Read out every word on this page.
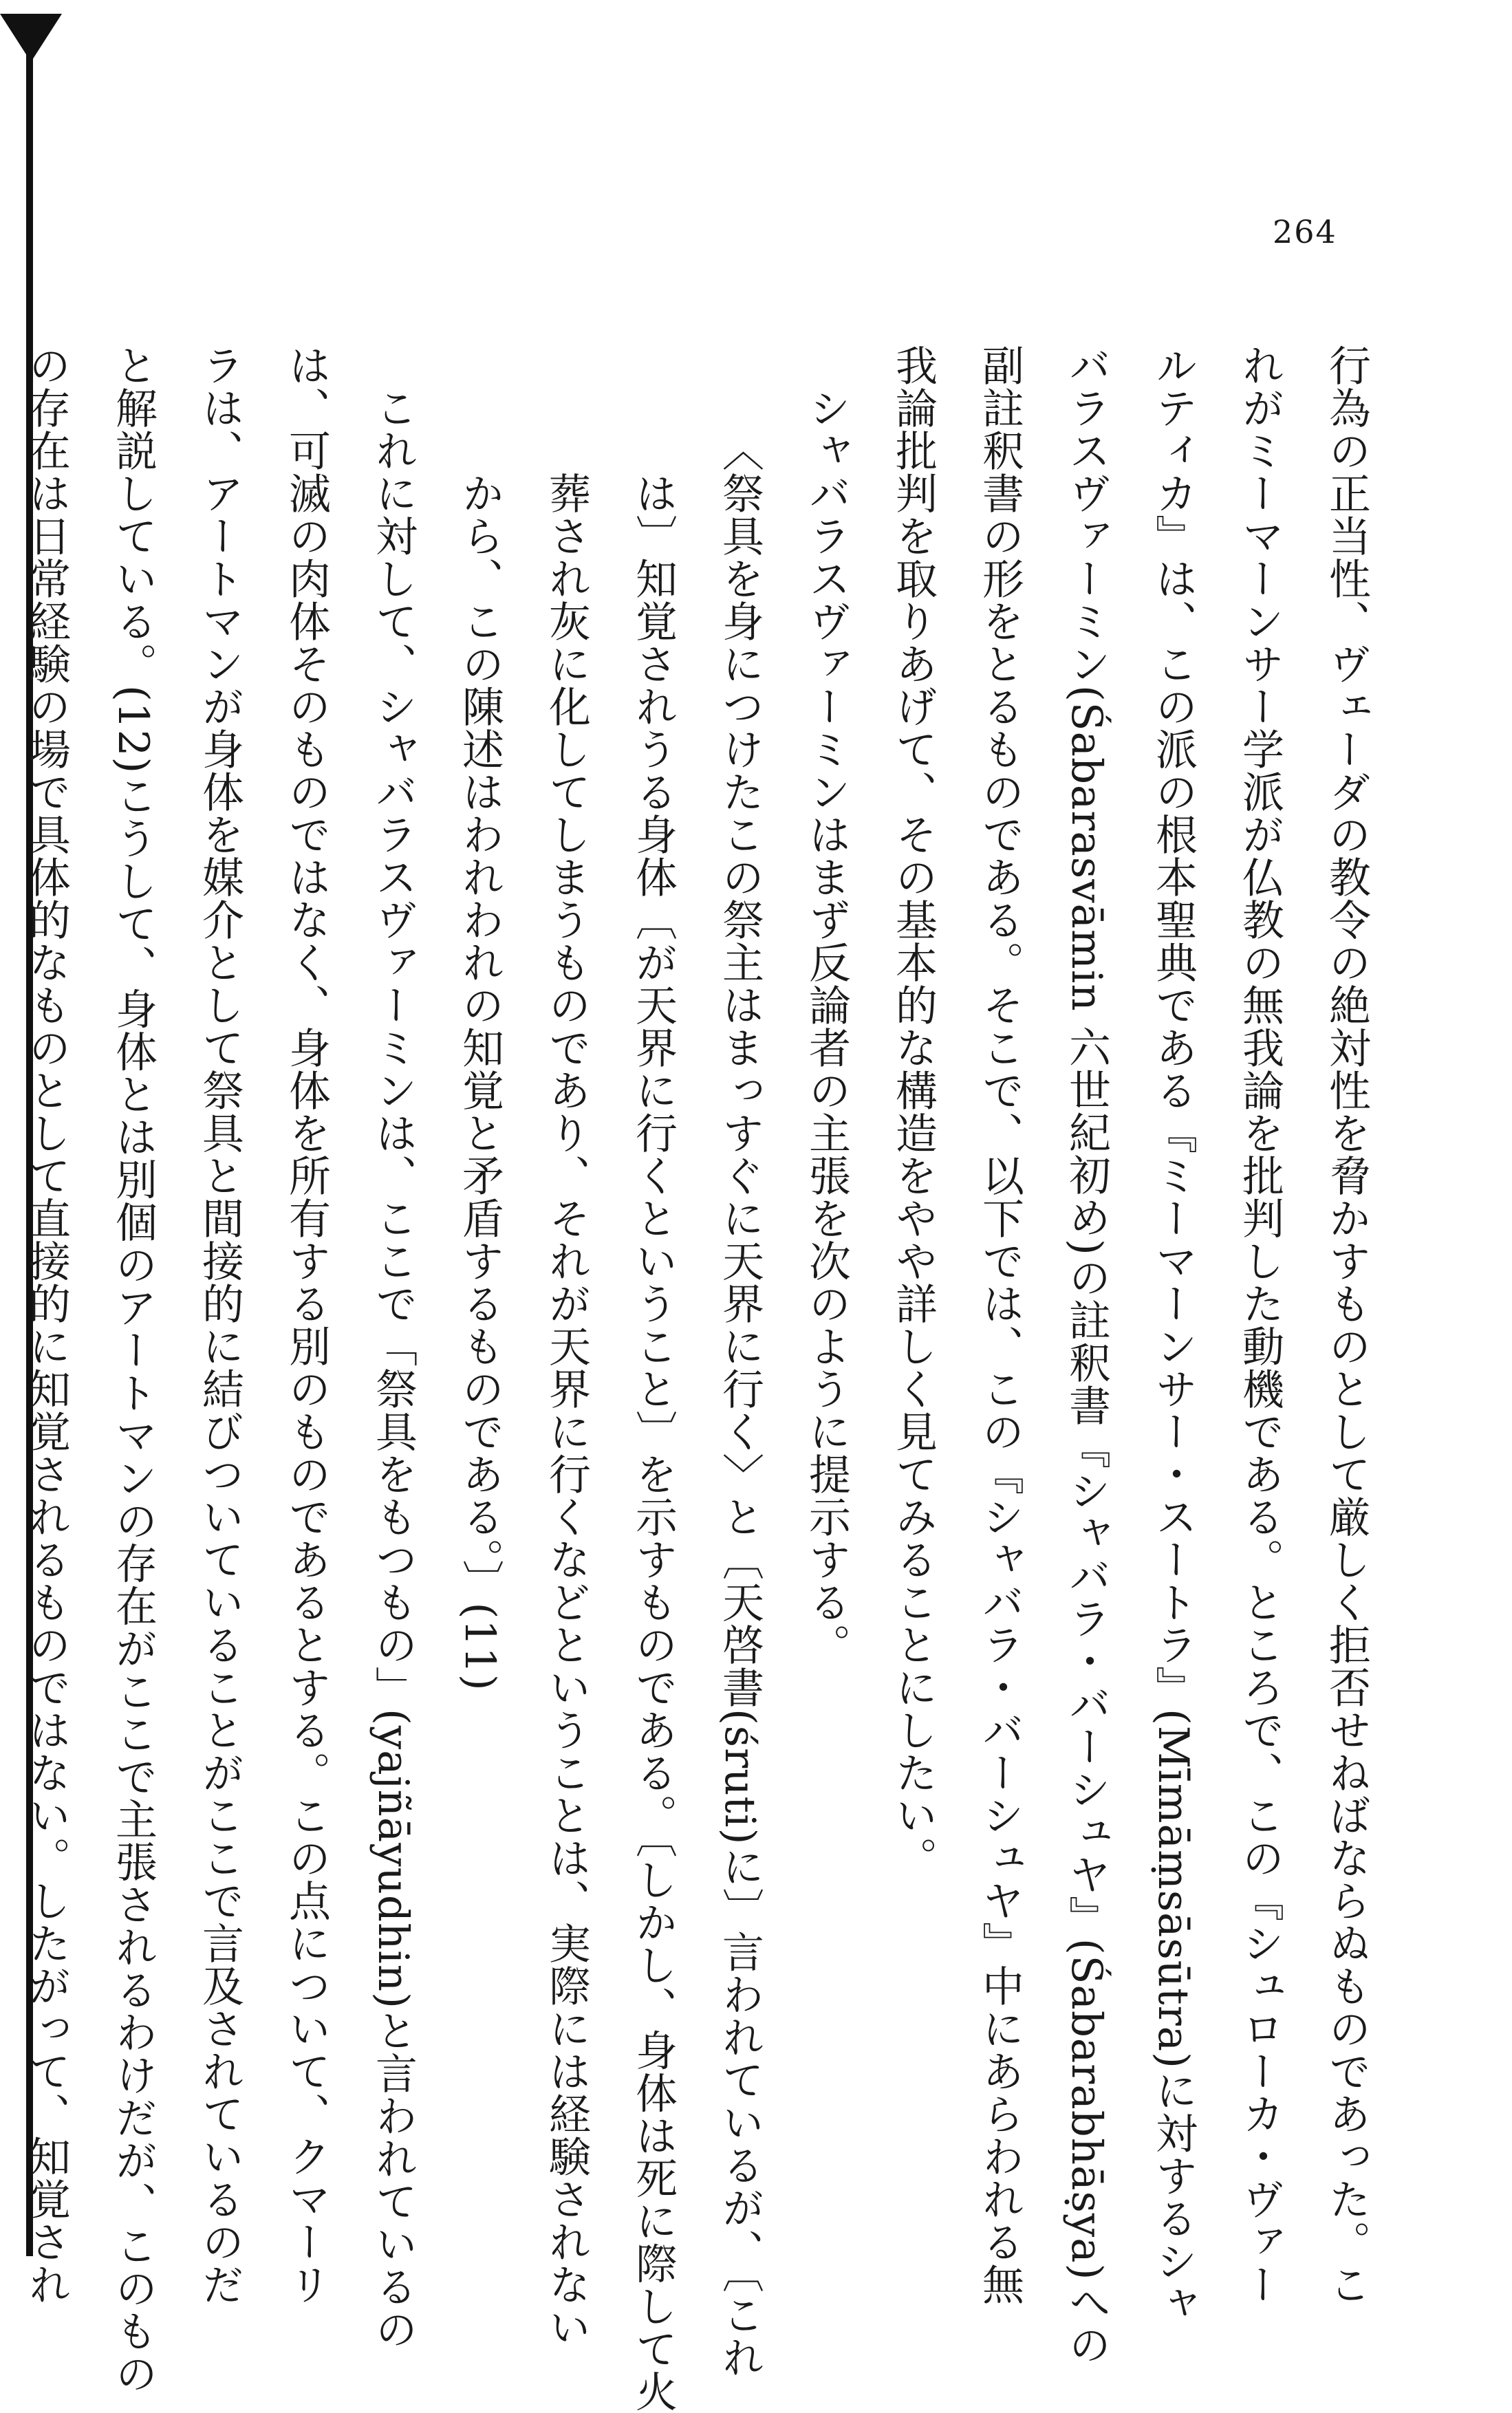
264
行為の正当性、ヴェーダの教令の絶対性を脅かすものとして厳しく拒否せねばならぬものであった。こ
れがミーマーンサー学派が仏教の無我論を批判した動機である。ところで、この『シュローカ・ヴァー
ルティカ』は、この派の根本聖典である『ミーマーンサー・スートラ』(Mīmāṃsāsūtra)に対するシャ
バラスヴァーミン(Śabarasvāmin 六世紀初め)の註釈書『シャバラ・バーシュヤ』(Śabarabhāṣya)への
副註釈書の形をとるものである。そこで、以下では、この『シャバラ・バーシュヤ』中にあらわれる無
我論批判を取りあげて、その基本的な構造をやや詳しく見てみることにしたい。
シャバラスヴァーミンはまず反論者の主張を次のように提示する。
〈祭具を身につけたこの祭主はまっすぐに天界に行く〉と〔天啓書(śruti)に〕言われているが、〔これ
は〕知覚されうる身体〔が天界に行くということ〕を示すものである。〔しかし、身体は死に際して火
葬され灰に化してしまうものであり、それが天界に行くなどということは、実際には経験されない
から、この陳述はわれわれの知覚と矛盾するものである。〕(11)
これに対して、シャバラスヴァーミンは、ここで「祭具をもつもの」(yajñāyudhin)と言われているの
は、可滅の肉体そのものではなく、身体を所有する別のものであるとする。この点について、クマーリ
ラは、アートマンが身体を媒介として祭具と間接的に結びついていることがここで言及されているのだ
と解説している。(12)こうして、身体とは別個のアートマンの存在がここで主張されるわけだが、このもの
の存在は日常経験の場で具体的なものとして直接的に知覚されるものではない。したがって、知覚され
